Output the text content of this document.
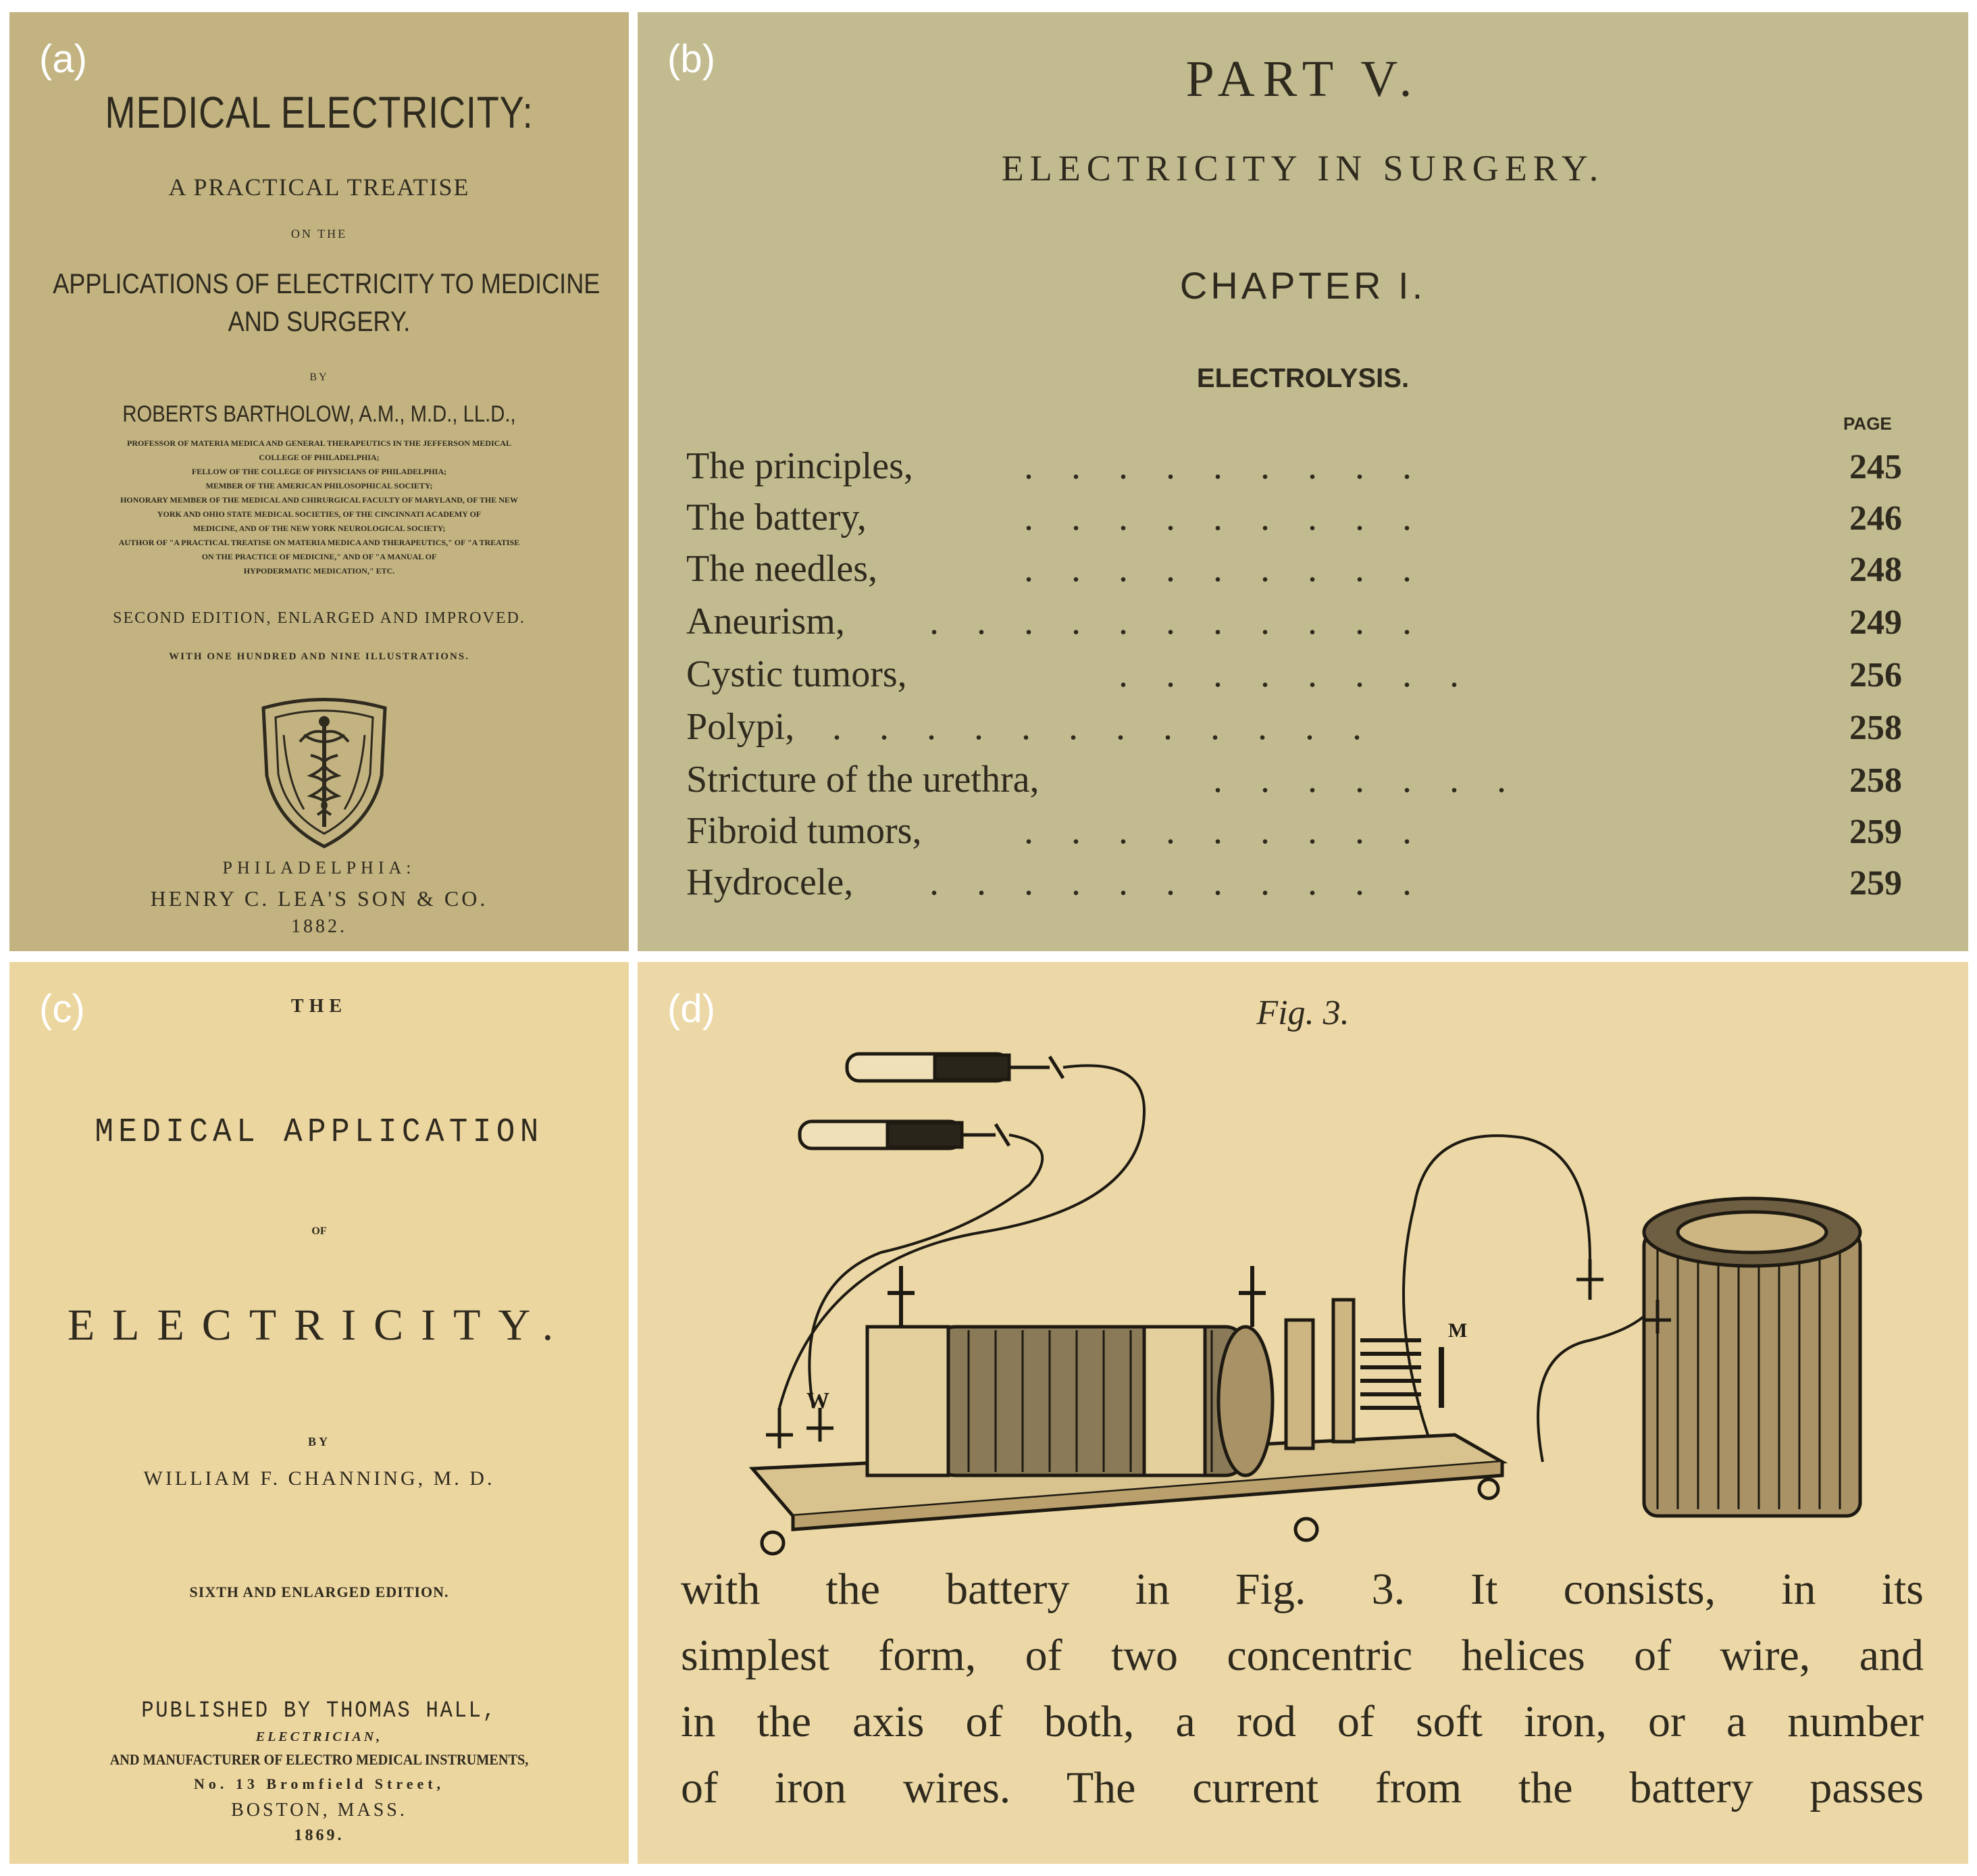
(a)
MEDICAL ELECTRICITY:
A PRACTICAL TREATISE
ON THE
APPLICATIONS OF ELECTRICITY TO MEDICINE
AND SURGERY.
BY
ROBERTS BARTHOLOW, A.M., M.D., LL.D.,
PROFESSOR OF MATERIA MEDICA AND GENERAL THERAPEUTICS IN THE JEFFERSON MEDICAL
COLLEGE OF PHILADELPHIA;
FELLOW OF THE COLLEGE OF PHYSICIANS OF PHILADELPHIA;
MEMBER OF THE AMERICAN PHILOSOPHICAL SOCIETY;
HONORARY MEMBER OF THE MEDICAL AND CHIRURGICAL FACULTY OF MARYLAND, OF THE NEW
YORK AND OHIO STATE MEDICAL SOCIETIES, OF THE CINCINNATI ACADEMY OF
MEDICINE, AND OF THE NEW YORK NEUROLOGICAL SOCIETY;
AUTHOR OF "A PRACTICAL TREATISE ON MATERIA MEDICA AND THERAPEUTICS," OF "A TREATISE
ON THE PRACTICE OF MEDICINE," AND OF "A MANUAL OF
HYPODERMATIC MEDICATION," ETC.
SECOND EDITION, ENLARGED AND IMPROVED.
WITH ONE HUNDRED AND NINE ILLUSTRATIONS.
PHILADELPHIA:
HENRY C. LEA'S SON & CO.
1882.
(b)	PART V.
ELECTRICITY IN SURGERY.
CHAPTER I.
ELECTROLYSIS.
PAGE
The principles,	.    .    .    .    .    .    .    .    .	245
The battery,	.    .    .    .    .    .    .    .    .	246
The needles,	.    .    .    .    .    .    .    .    .	248
Aneurism, .    .    .    .    .    .    .    .    .    .    .	249
Cystic tumors,	.    .    .    .    .    .    .    .	256
Polypi, .    .    .    .    .    .    .    .    .    .    .    .	258
Stricture of the urethra,	.    .    .    .    .    .    .	258
Fibroid tumors,	.    .    .    .    .    .    .    .    .	259
Hydrocele, .    .    .    .    .    .    .    .    .    .    .	259
(c)	THE
MEDICAL APPLICATION
OF
ELECTRICITY.
BY
WILLIAM F. CHANNING, M. D.
SIXTH AND ENLARGED EDITION.
PUBLISHED BY THOMAS HALL,
ELECTRICIAN,
AND MANUFACTURER OF ELECTRO MEDICAL INSTRUMENTS,
No. 13 Bromfield Street,
BOSTON, MASS.
1869.
(d)	Fig. 3.
W
M
with the battery in Fig. 3. It consists, in its
simplest form, of two concentric helices of wire, and
in the axis of both, a rod of soft iron, or a number
of iron wires. The current from the battery passes
